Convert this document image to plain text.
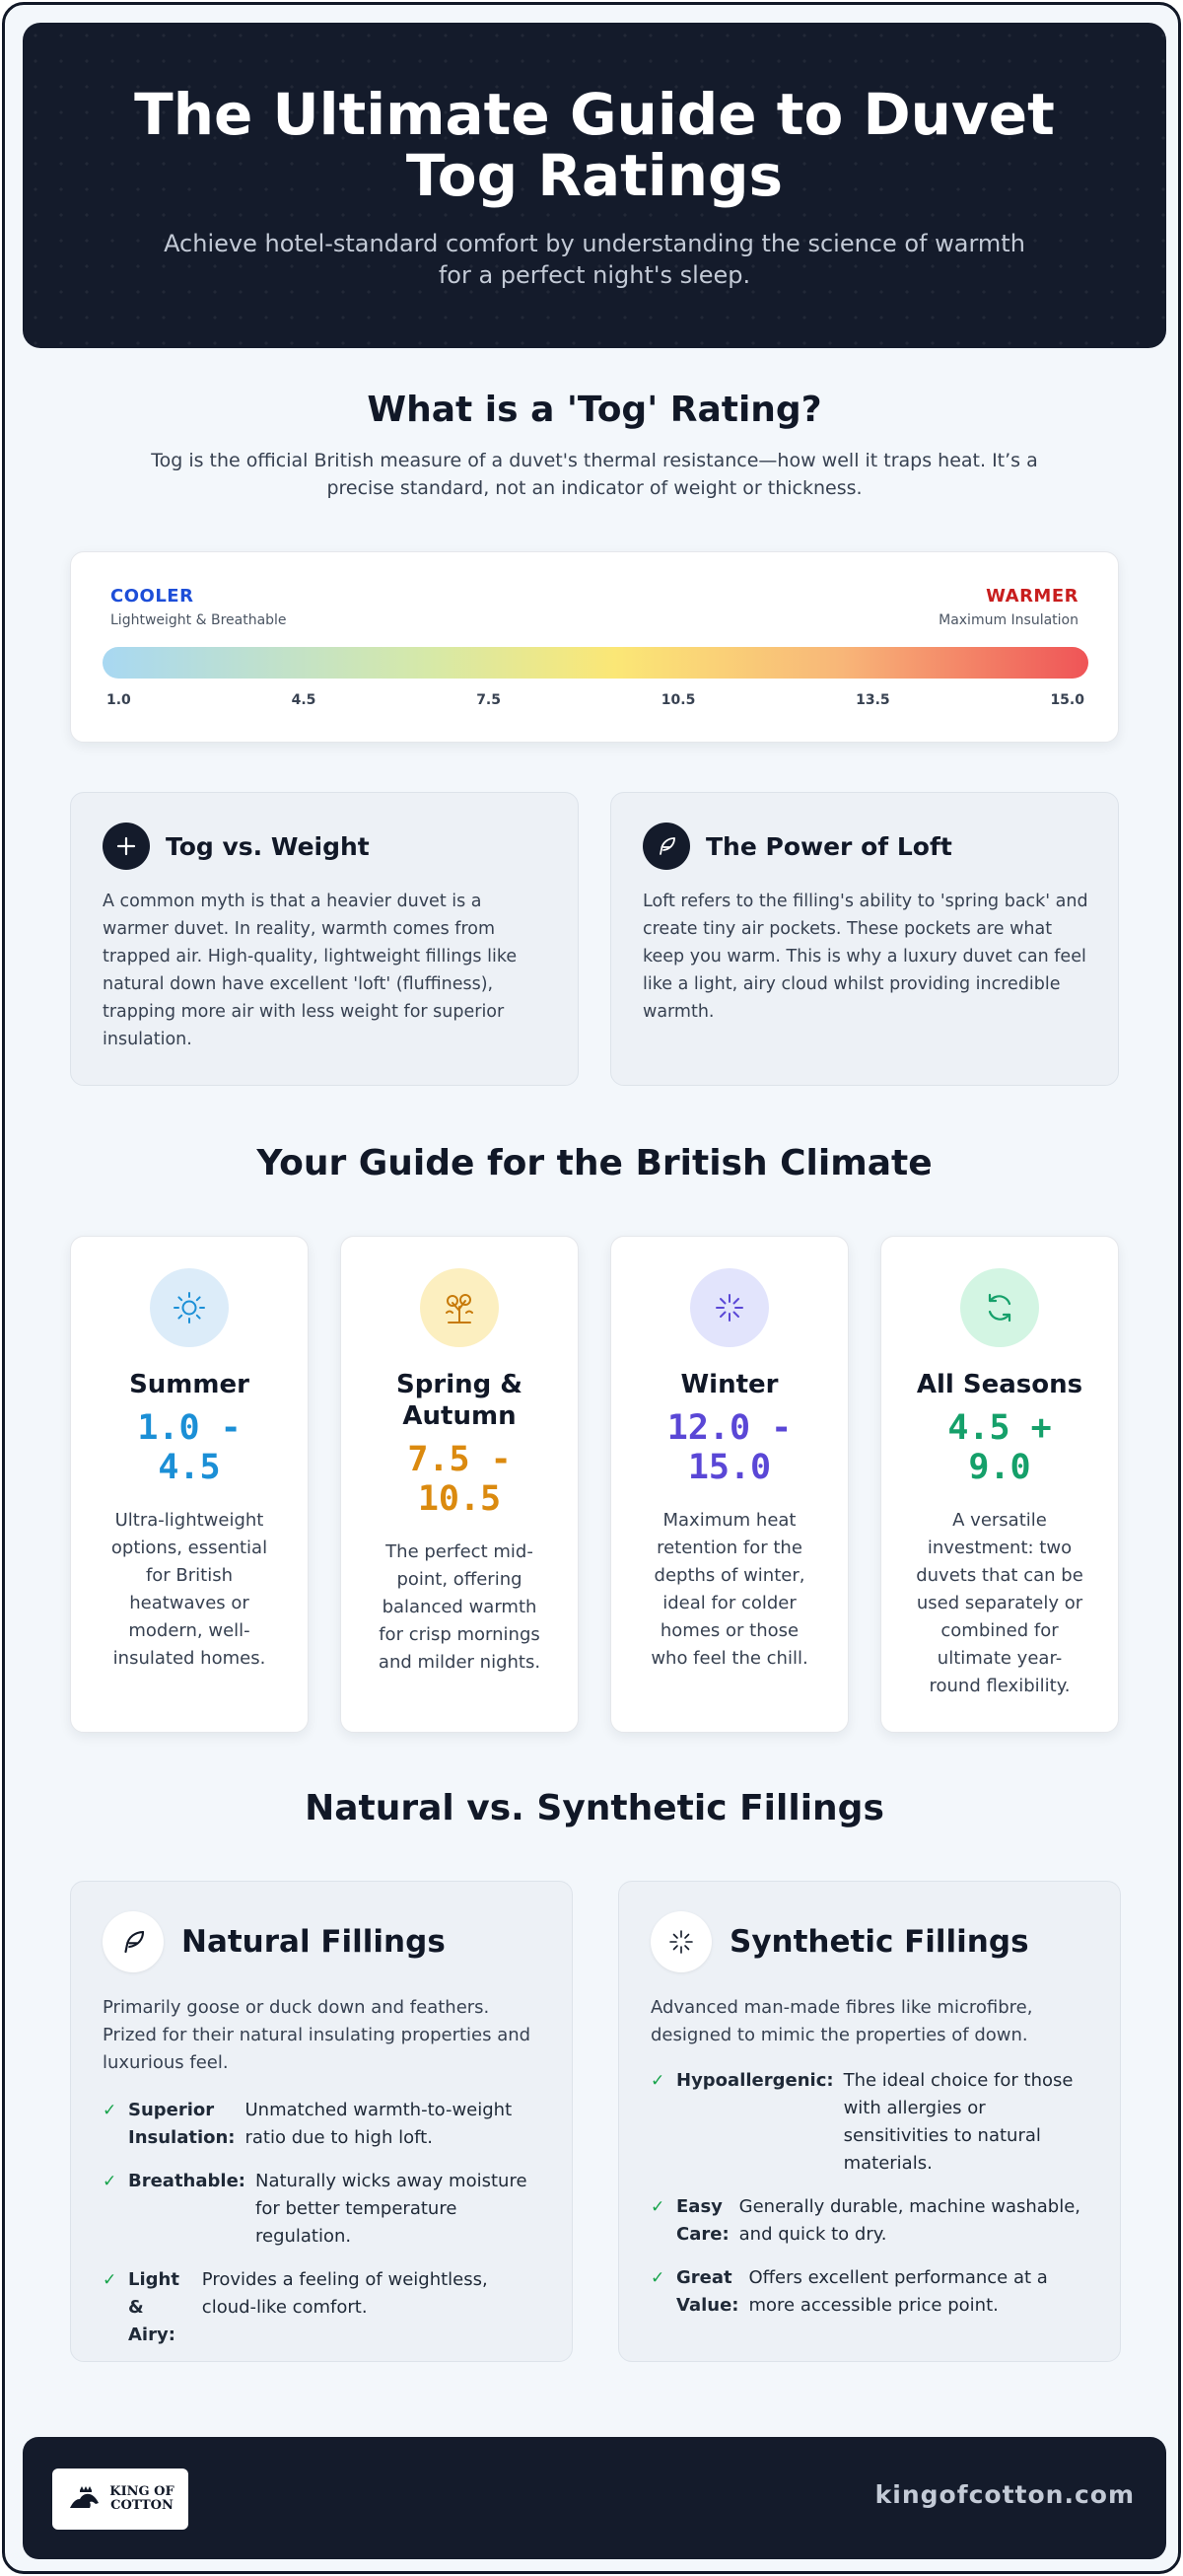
The Ultimate Guide to Duvet Tog Ratings

Achieve hotel-standard comfort by understanding the science of warmth for a perfect night's sleep.

What is a 'Tog' Rating?

Tog is the official British measure of a duvet's thermal resistance—how well it traps heat. It’s a precise standard, not an indicator of weight or thickness.

COOLER
Lightweight & Breathable
WARMER
Maximum Insulation
1.0	4.5	7.5	10.5	13.5	15.0
Tog vs. Weight

A common myth is that a heavier duvet is a warmer duvet. In reality, warmth comes from trapped air. High-quality, lightweight fillings like natural down have excellent 'loft' (fluffiness), trapping more air with less weight for superior insulation.

The Power of Loft

Loft refers to the filling's ability to 'spring back' and create tiny air pockets. These pockets are what keep you warm. This is why a luxury duvet can feel like a light, airy cloud whilst providing incredible warmth.

Your Guide for the British Climate
Summer
1.0 - 4.5

Ultra-lightweight options, essential for British heatwaves or modern, well-insulated homes.

Spring & Autumn
7.5 - 10.5

The perfect mid-point, offering balanced warmth for crisp mornings and milder nights.

Winter
12.0 - 15.0

Maximum heat retention for the depths of winter, ideal for colder homes or those who feel the chill.

All Seasons
4.5 + 9.0

A versatile investment: two duvets that can be used separately or combined for ultimate year-round flexibility.

Natural vs. Synthetic Fillings
Natural Fillings

Primarily goose or duck down and feathers. Prized for their natural insulating properties and luxurious feel.

✓ Superior Insulation:
Unmatched warmth-to-weight ratio due to high loft.
✓ Breathable: Naturally wicks away moisture for better temperature regulation.
✓ Light & Airy:
Provides a feeling of weightless, cloud-like comfort.
Synthetic Fillings

Advanced man-made fibres like microfibre, designed to mimic the properties of down.

✓ Hypoallergenic: The ideal choice for those with allergies or sensitivities to natural materials.
✓ Easy Care:
Generally durable, machine washable, and quick to dry.
✓ Great Value:
Offers excellent performance at a more accessible price point.
KING OF
COTTON	kingofcotton.com
